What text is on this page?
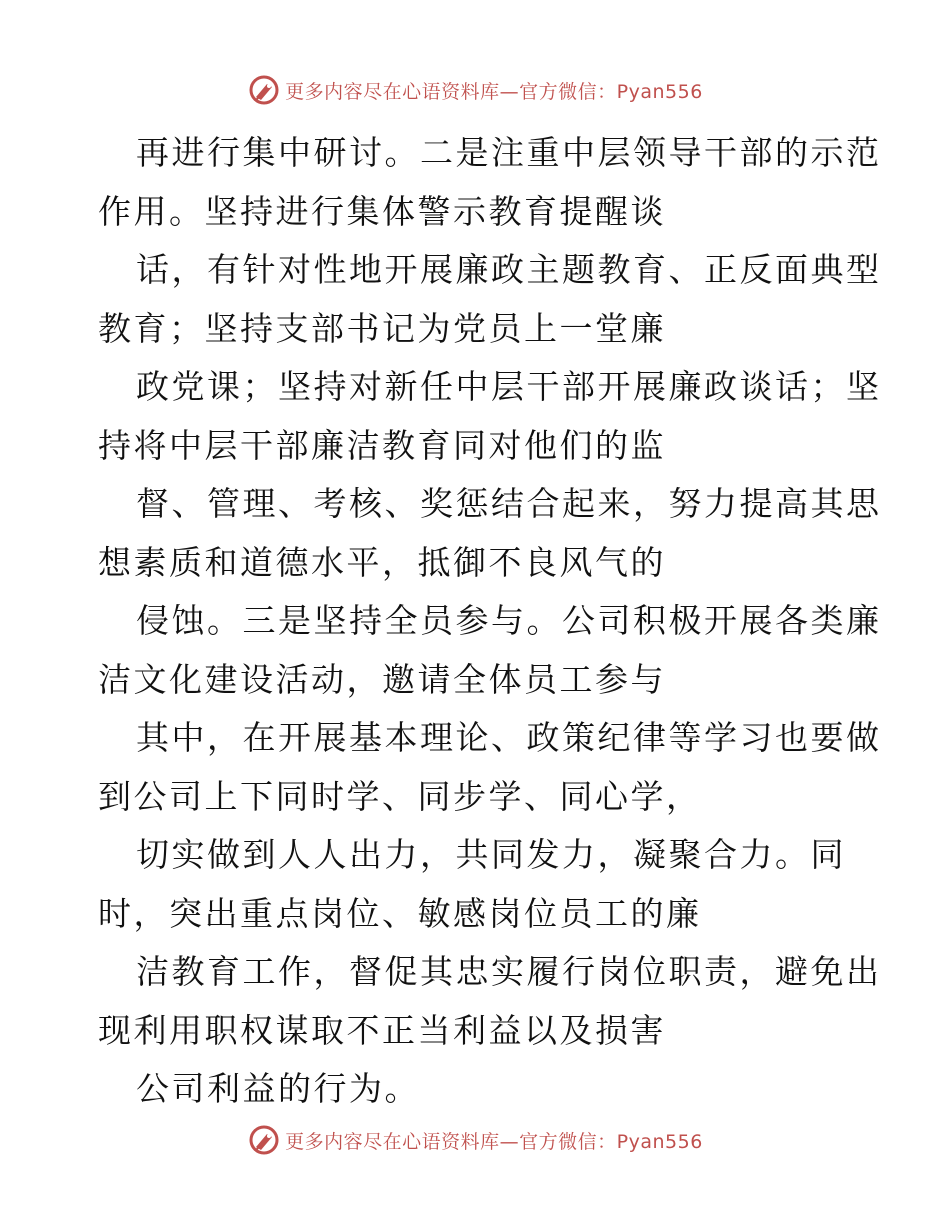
更多内容尽在心语资料库—官方微信：Pyan556
再进行集中研讨。二是注重中层领导干部的示范
作用。坚持进行集体警示教育提醒谈
话，有针对性地开展廉政主题教育、正反面典型
教育；坚持支部书记为党员上一堂廉
政党课；坚持对新任中层干部开展廉政谈话；坚
持将中层干部廉洁教育同对他们的监
督、管理、考核、奖惩结合起来，努力提高其思
想素质和道德水平，抵御不良风气的
侵蚀。三是坚持全员参与。公司积极开展各类廉
洁文化建设活动，邀请全体员工参与
其中，在开展基本理论、政策纪律等学习也要做
到公司上下同时学、同步学、同心学，
切实做到人人出力，共同发力，凝聚合力。同
时，突出重点岗位、敏感岗位员工的廉
洁教育工作，督促其忠实履行岗位职责，避免出
现利用职权谋取不正当利益以及损害
公司利益的行为。
更多内容尽在心语资料库—官方微信：Pyan556
